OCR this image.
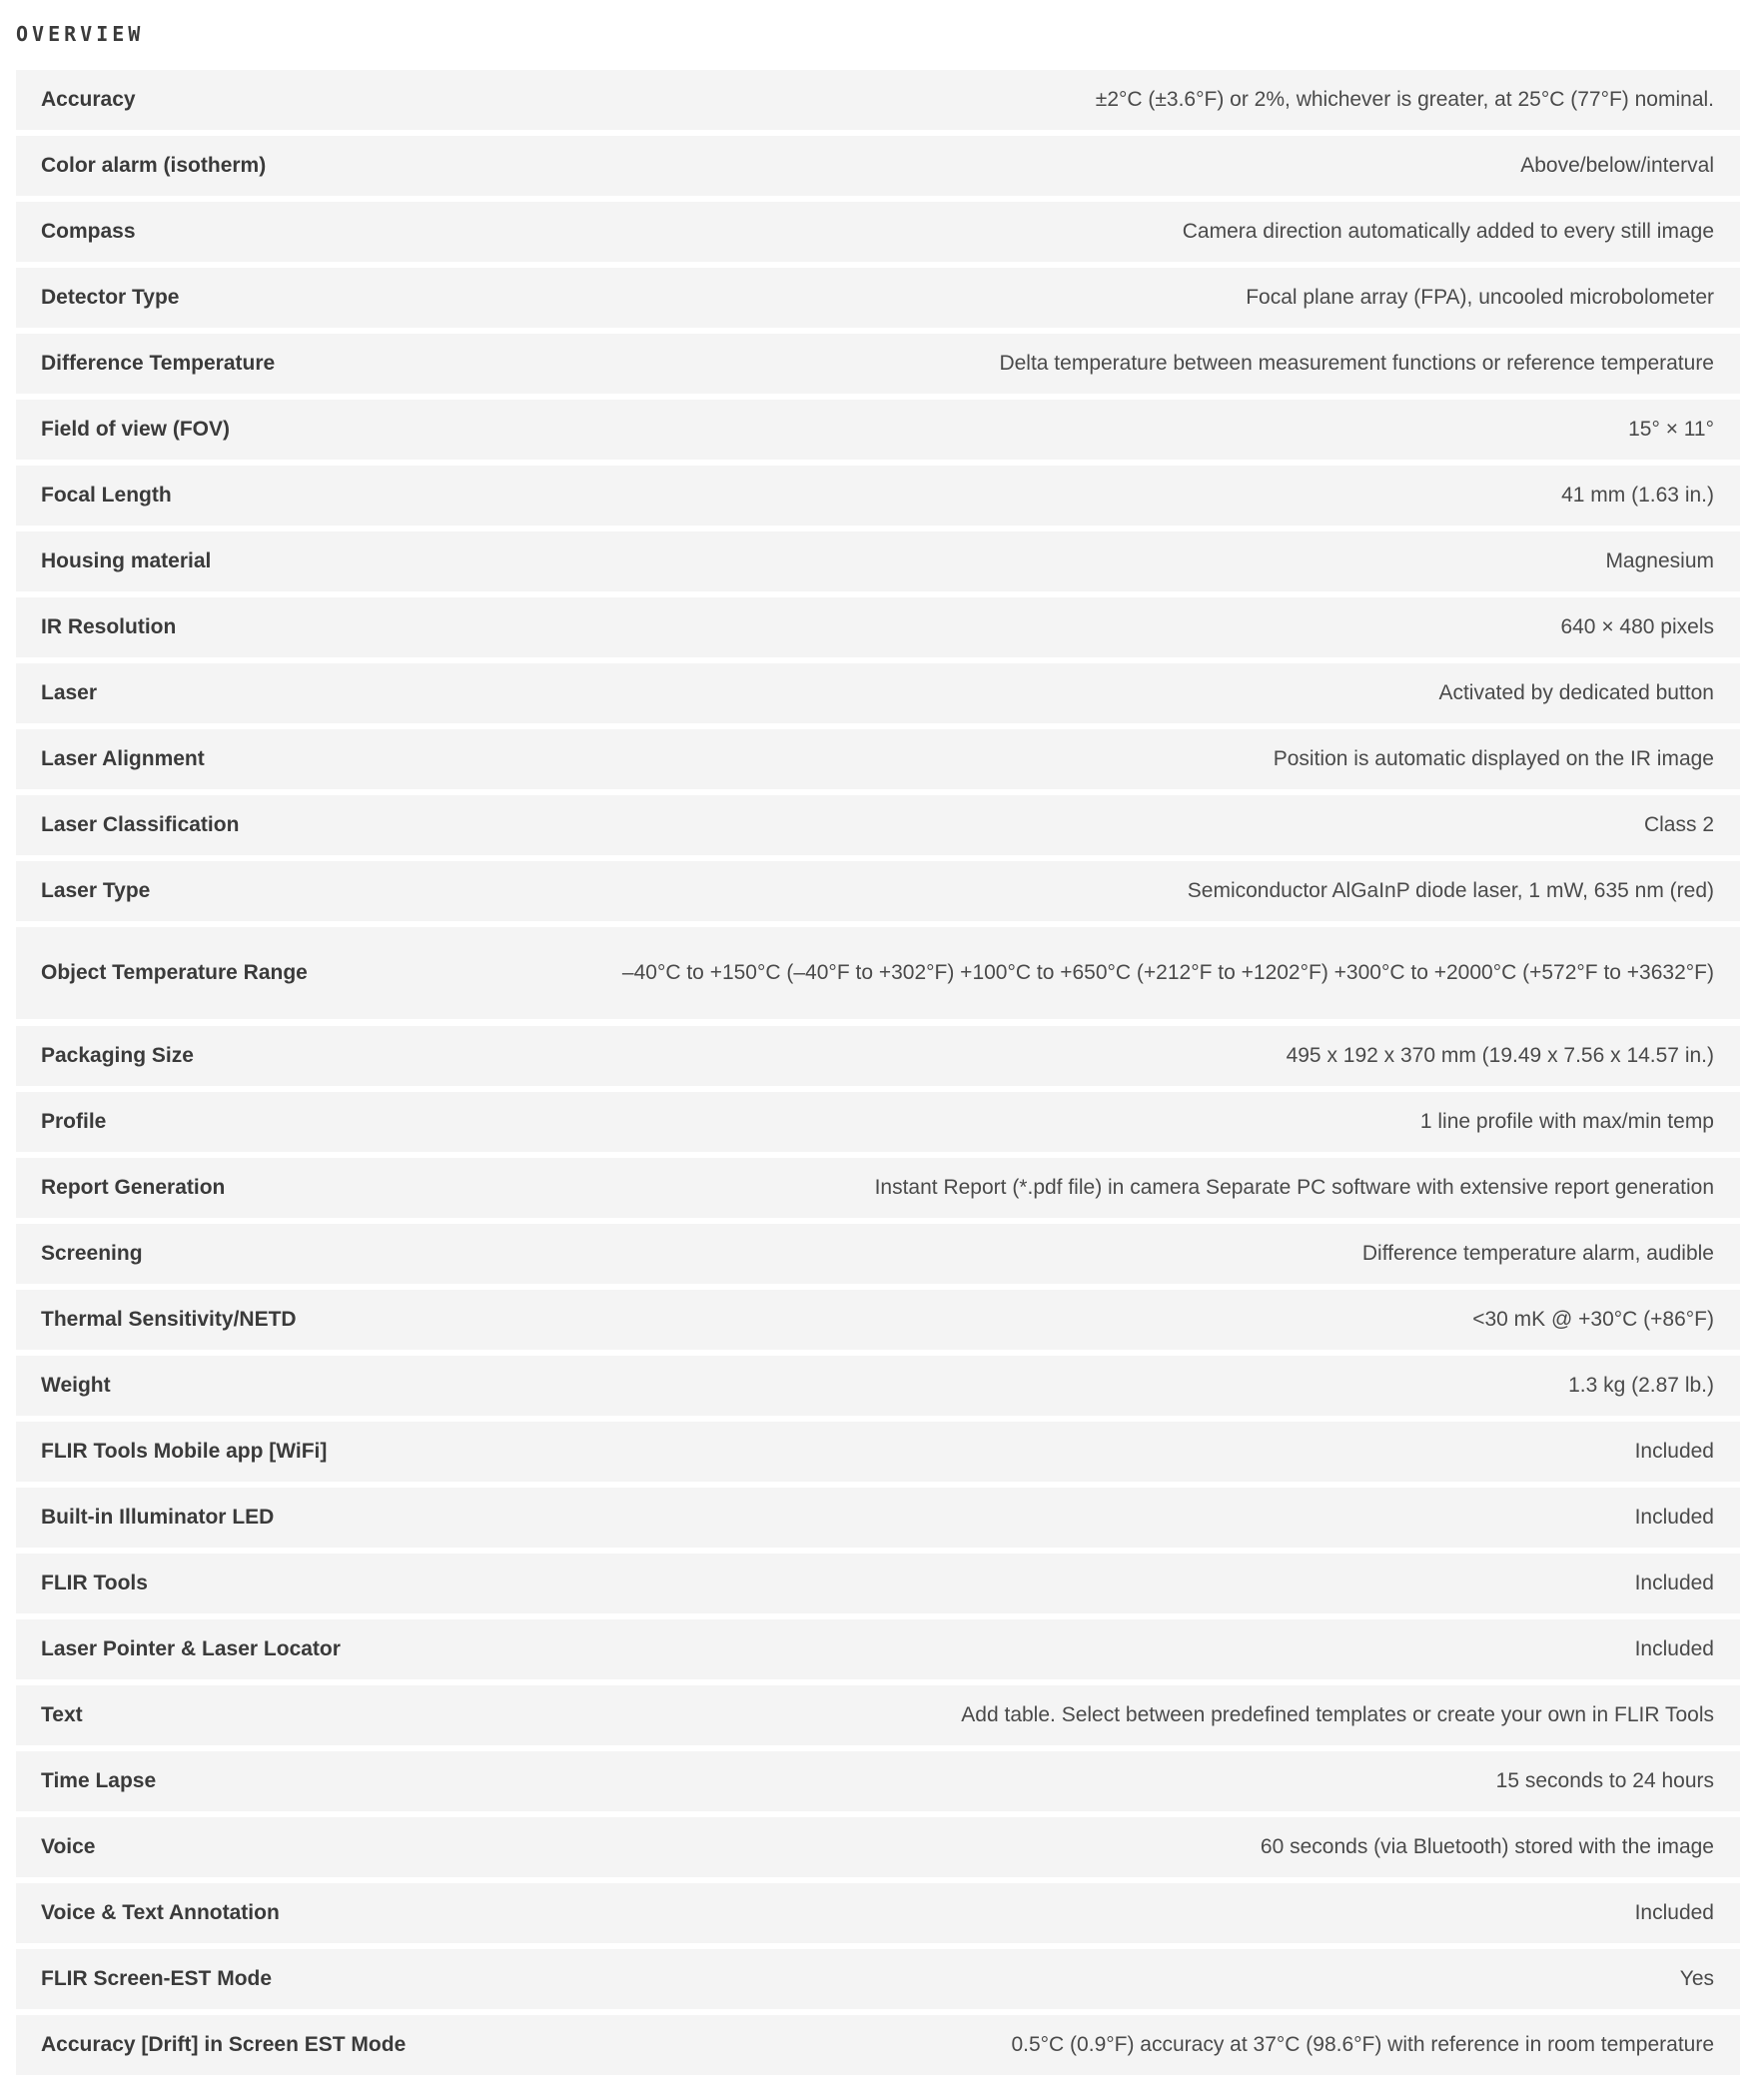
OVERVIEW
Accuracy	±2°C (±3.6°F) or 2%, whichever is greater, at 25°C (77°F) nominal.
Color alarm (isotherm)	Above/below/interval
Compass	Camera direction automatically added to every still image
Detector Type	Focal plane array (FPA), uncooled microbolometer
Difference Temperature	Delta temperature between measurement functions or reference temperature
Field of view (FOV)	15° × 11°
Focal Length	41 mm (1.63 in.)
Housing material	Magnesium
IR Resolution	640 × 480 pixels
Laser	Activated by dedicated button
Laser Alignment	Position is automatic displayed on the IR image
Laser Classification	Class 2
Laser Type	Semiconductor AlGaInP diode laser, 1 mW, 635 nm (red)
Object Temperature Range	–40°C to +150°C (–40°F to +302°F) +100°C to +650°C (+212°F to +1202°F) +300°C to +2000°C (+572°F to +3632°F)
Packaging Size	495 x 192 x 370 mm (19.49 x 7.56 x 14.57 in.)
Profile	1 line profile with max/min temp
Report Generation	Instant Report (*.pdf file) in camera Separate PC software with extensive report generation
Screening	Difference temperature alarm, audible
Thermal Sensitivity/NETD	<30 mK @ +30°C (+86°F)
Weight	1.3 kg (2.87 lb.)
FLIR Tools Mobile app [WiFi]	Included
Built-in Illuminator LED	Included
FLIR Tools	Included
Laser Pointer & Laser Locator	Included
Text	Add table. Select between predefined templates or create your own in FLIR Tools
Time Lapse	15 seconds to 24 hours
Voice	60 seconds (via Bluetooth) stored with the image
Voice & Text Annotation	Included
FLIR Screen-EST Mode	Yes
Accuracy [Drift] in Screen EST Mode	0.5°C (0.9°F) accuracy at 37°C (98.6°F) with reference in room temperature
